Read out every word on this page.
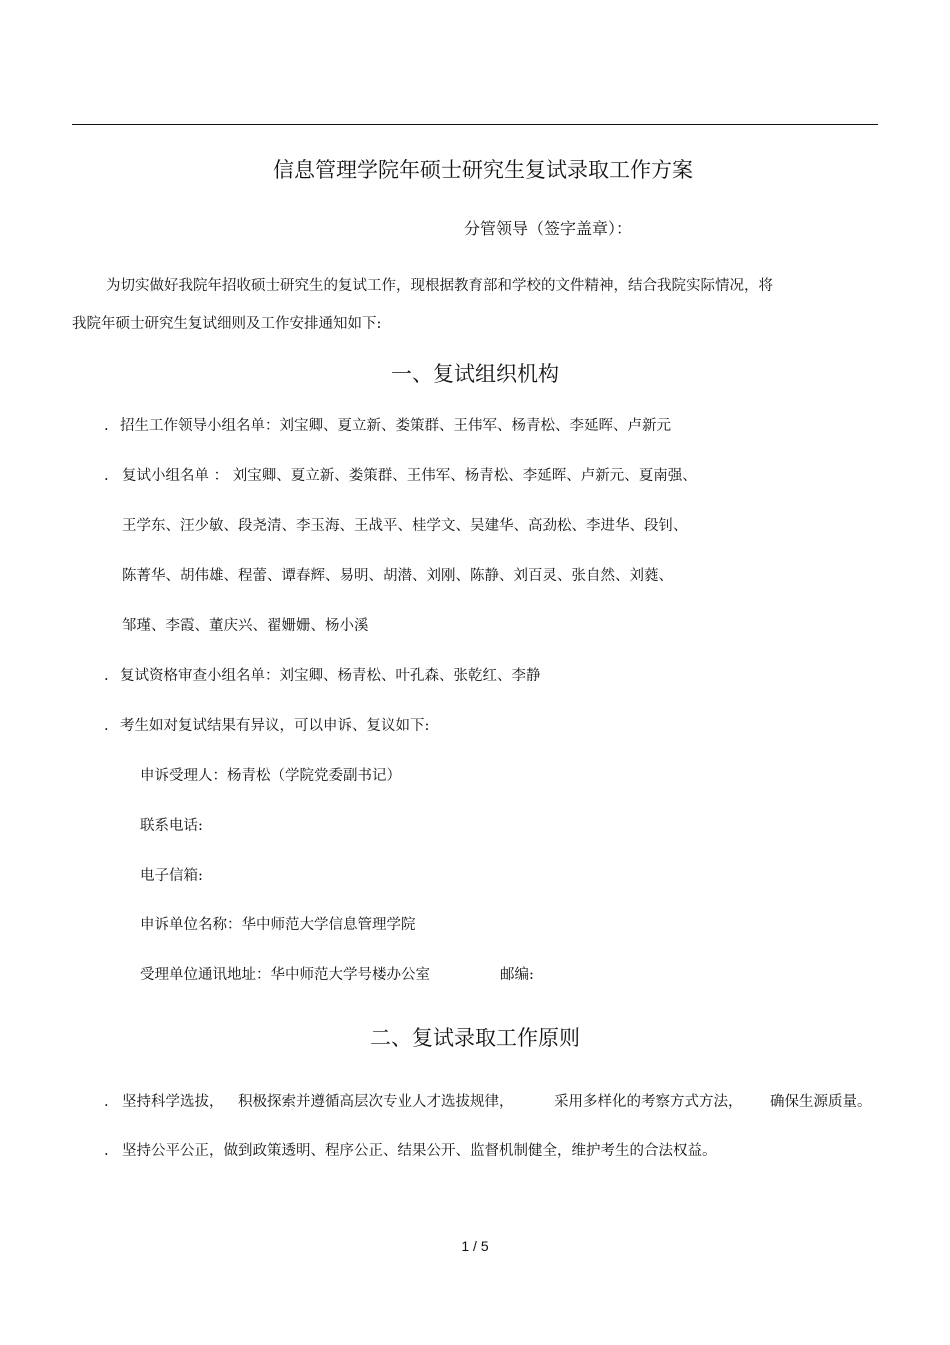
信息管理学院年硕士研究生复试录取工作方案
分管领导（签字盖章）：
为切实做好我院年招收硕士研究生的复试工作，现根据教育部和学校的文件精神，结合我院实际情况，将
我院年硕士研究生复试细则及工作安排通知如下:
一、复试组织机构
. 招生工作领导小组名单：刘宝卿、夏立新、娄策群、王伟军、杨青松、李延晖、卢新元
. 复试小组名单 ： 刘宝卿、夏立新、娄策群、王伟军、杨青松、李延晖、卢新元、夏南强、
王学东、汪少敏、段尧清、李玉海、王战平、桂学文、吴建华、高劲松、李进华、段钊、
陈菁华、胡伟雄、程蕾、谭春辉、易明、胡潜、刘刚、陈静、刘百灵、张自然、刘蕤、
邹瑾、李霞、董庆兴、翟姗姗、杨小溪
. 复试资格审查小组名单：刘宝卿、杨青松、叶孔森、张乾红、李静
. 考生如对复试结果有异议，可以申诉、复议如下:
申诉受理人：杨青松（学院党委副书记）
联系电话:
电子信箱:
申诉单位名称：华中师范大学信息管理学院
受理单位通讯地址：华中师范大学号楼办公室	邮编:
二、复试录取工作原则
. 坚持科学选拔， 积极探索并遵循高层次专业人才选拔规律，	采用多样化的考察方式方法， 确保生源质量。
. 坚持公平公正，做到政策透明、程序公正、结果公开、监督机制健全，维护考生的合法权益。
1 / 5
